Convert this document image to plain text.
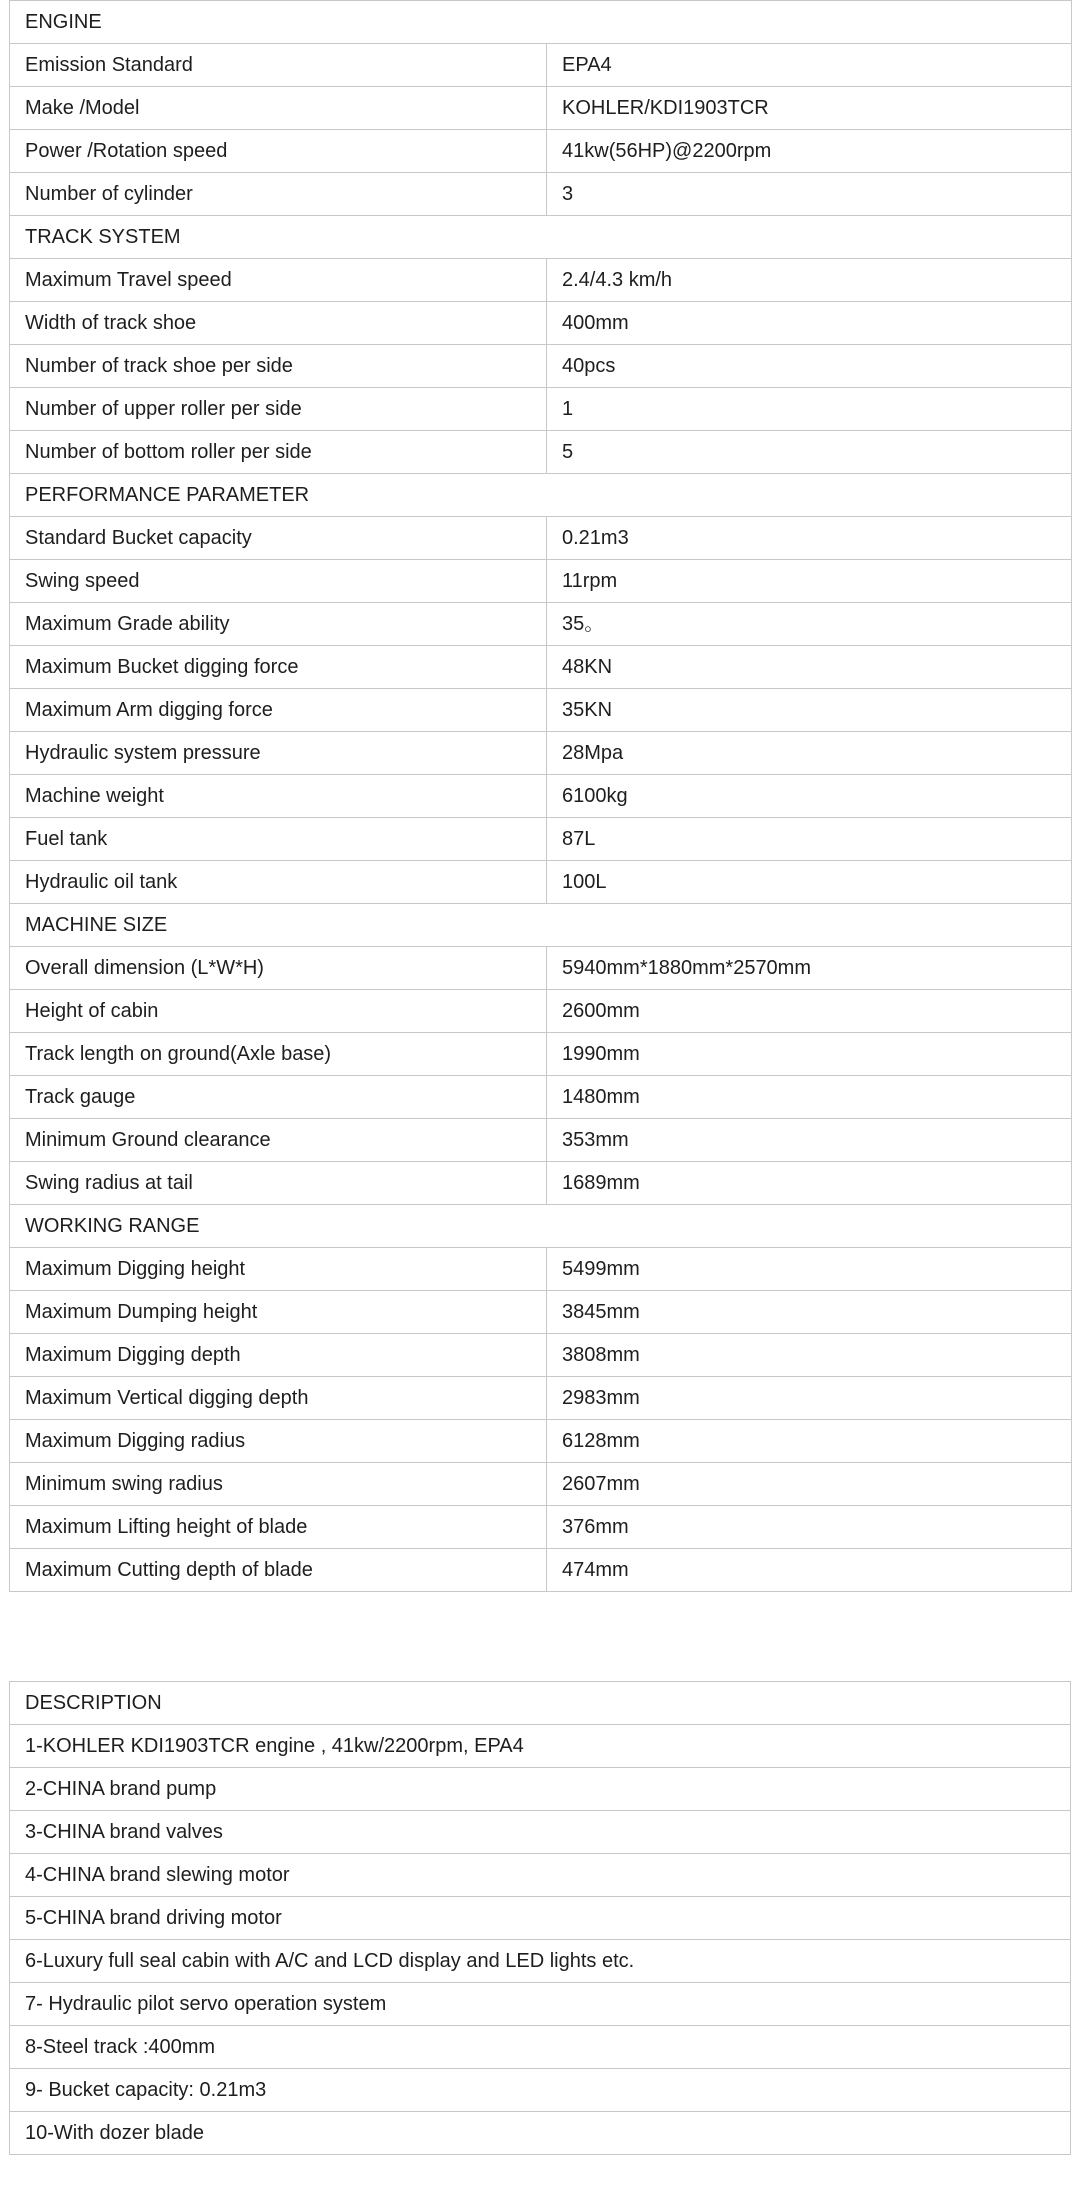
ENGINE	
Emission Standard	EPA4
Make /Model	KOHLER/KDI1903TCR
Power /Rotation speed	41kw(56HP)@2200rpm
Number of cylinder	3
TRACK SYSTEM	
Maximum Travel speed	2.4/4.3 km/h
Width of track shoe	400mm
Number of track shoe per side	40pcs
Number of upper roller per side	1
Number of bottom roller per side	5
PERFORMANCE PARAMETER	
Standard Bucket capacity	0.21m3
Swing speed	11rpm
Maximum Grade ability	35。
Maximum Bucket digging force	48KN
Maximum Arm digging force	35KN
Hydraulic system pressure	28Mpa
Machine weight	6100kg
Fuel tank	87L
Hydraulic oil tank	100L
MACHINE SIZE	
Overall dimension (L*W*H)	5940mm*1880mm*2570mm
Height of cabin	2600mm
Track length on ground(Axle base)	1990mm
Track gauge	1480mm
Minimum Ground clearance	353mm
Swing radius at tail	1689mm
WORKING RANGE	
Maximum Digging height	5499mm
Maximum Dumping height	3845mm
Maximum Digging depth	3808mm
Maximum Vertical digging depth	2983mm
Maximum Digging radius	6128mm
Minimum swing radius	2607mm
Maximum Lifting height of blade	376mm
Maximum Cutting depth of blade	474mm
DESCRIPTION
1-KOHLER KDI1903TCR engine , 41kw/2200rpm, EPA4
2-CHINA brand pump
3-CHINA brand valves
4-CHINA brand slewing motor
5-CHINA brand driving motor
6-Luxury full seal cabin with A/C and LCD display and LED lights etc.
7- Hydraulic pilot servo operation system
8-Steel track :400mm
9- Bucket capacity: 0.21m3
10-With dozer blade
